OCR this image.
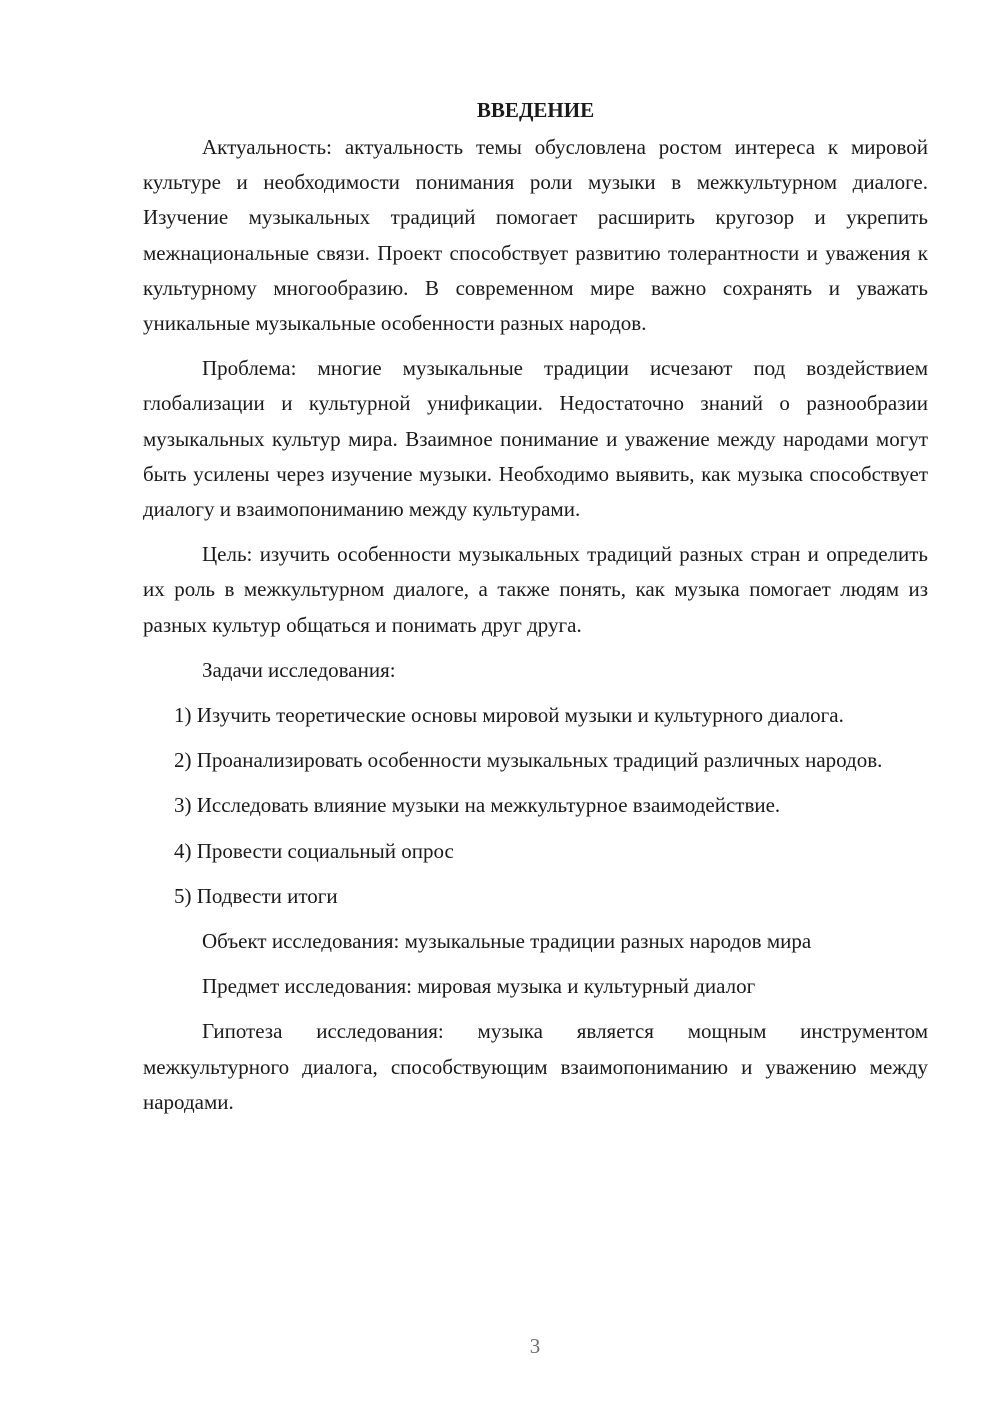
ВВЕДЕНИЕ

Актуальность: актуальность темы обусловлена ростом интереса к мировой культуре и необходимости понимания роли музыки в межкультурном диалоге. Изучение музыкальных традиций помогает расширить кругозор и укрепить межнациональные связи. Проект способствует развитию толерантности и уважения к культурному многообразию. В современном мире важно сохранять и уважать уникальные музыкальные особенности разных народов.

Проблема: многие музыкальные традиции исчезают под воздействием глобализации и культурной унификации. Недостаточно знаний о разнообразии музыкальных культур мира. Взаимное понимание и уважение между народами могут быть усилены через изучение музыки. Необходимо выявить, как музыка способствует диалогу и взаимопониманию между культурами.

Цель: изучить особенности музыкальных традиций разных стран и определить их роль в межкультурном диалоге, а также понять, как музыка помогает людям из разных культур общаться и понимать друг друга.

Задачи исследования:

1) Изучить теоретические основы мировой музыки и культурного диалога.

2) Проанализировать особенности музыкальных традиций различных народов.

3) Исследовать влияние музыки на межкультурное взаимодействие.

4) Провести социальный опрос

5) Подвести итоги

Объект исследования: музыкальные традиции разных народов мира

Предмет исследования: мировая музыка и культурный диалог

Гипотеза исследования: музыка является мощным инструментом межкультурного диалога, способствующим взаимопониманию и уважению между народами.

3
